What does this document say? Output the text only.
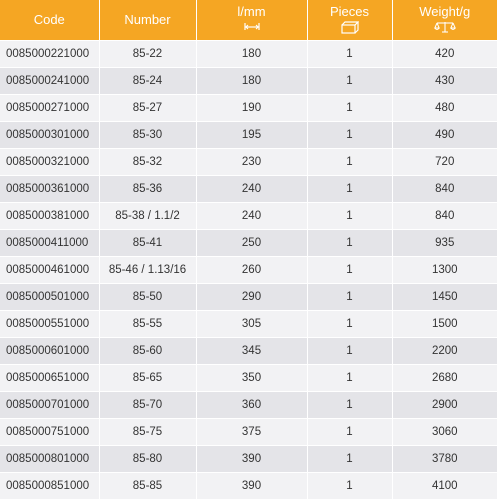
Code	Number	l/mm	Pieces	Weight/g

0085000221000	85-22	180	1	420
0085000241000	85-24	180	1	430
0085000271000	85-27	190	1	480
0085000301000	85-30	195	1	490
0085000321000	85-32	230	1	720
0085000361000	85-36	240	1	840
0085000381000	85-38 / 1.1/2	240	1	840
0085000411000	85-41	250	1	935
0085000461000	85-46 / 1.13/16	260	1	1300
0085000501000	85-50	290	1	1450
0085000551000	85-55	305	1	1500
0085000601000	85-60	345	1	2200
0085000651000	85-65	350	1	2680
0085000701000	85-70	360	1	2900
0085000751000	85-75	375	1	3060
0085000801000	85-80	390	1	3780
0085000851000	85-85	390	1	4100
